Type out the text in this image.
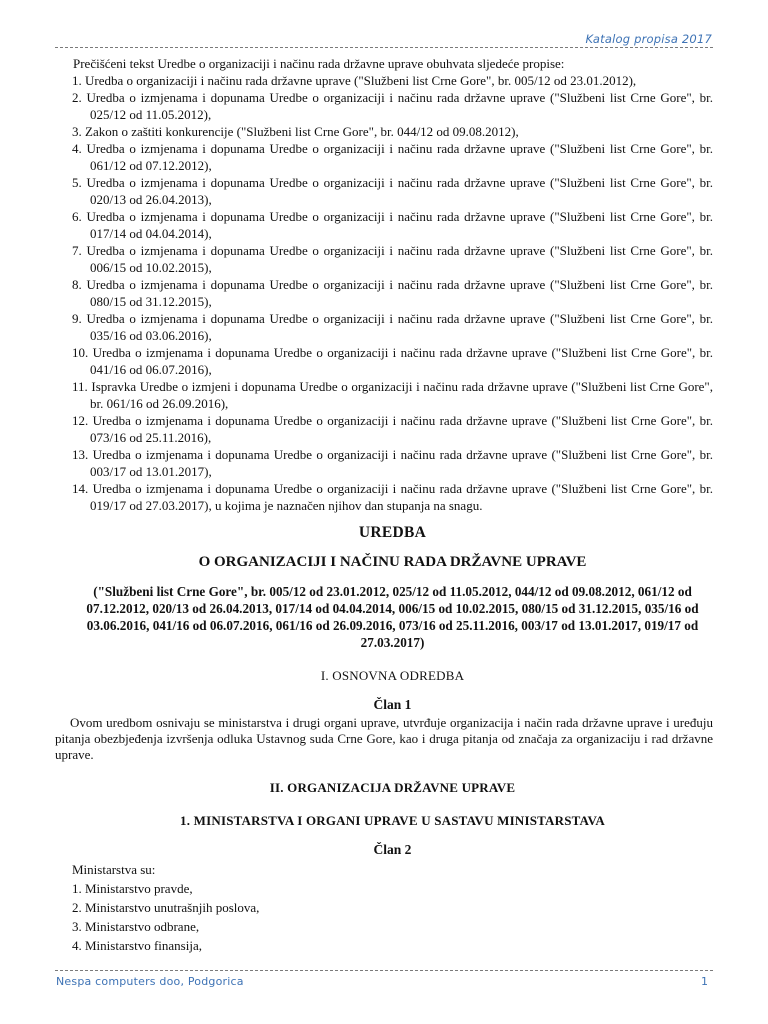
Katalog propisa 2017

Prečišćeni tekst Uredbe o organizaciji i načinu rada državne uprave obuhvata sljedeće propise:

1. Uredba o organizaciji i načinu rada državne uprave ("Službeni list Crne Gore", br. 005/12 od 23.01.2012),
2. Uredba o izmjenama i dopunama Uredbe o organizaciji i načinu rada državne uprave ("Službeni list Crne Gore", br. 025/12 od 11.05.2012),
3. Zakon o zaštiti konkurencije ("Službeni list Crne Gore", br. 044/12 od 09.08.2012),
4. Uredba o izmjenama i dopunama Uredbe o organizaciji i načinu rada državne uprave ("Službeni list Crne Gore", br. 061/12 od 07.12.2012),
5. Uredba o izmjenama i dopunama Uredbe o organizaciji i načinu rada državne uprave ("Službeni list Crne Gore", br. 020/13 od 26.04.2013),
6. Uredba o izmjenama i dopunama Uredbe o organizaciji i načinu rada državne uprave ("Službeni list Crne Gore", br. 017/14 od 04.04.2014),
7. Uredba o izmjenama i dopunama Uredbe o organizaciji i načinu rada državne uprave ("Službeni list Crne Gore", br. 006/15 od 10.02.2015),
8. Uredba o izmjenama i dopunama Uredbe o organizaciji i načinu rada državne uprave ("Službeni list Crne Gore", br. 080/15 od 31.12.2015),
9. Uredba o izmjenama i dopunama Uredbe o organizaciji i načinu rada državne uprave ("Službeni list Crne Gore", br. 035/16 od 03.06.2016),
10. Uredba o izmjenama i dopunama Uredbe o organizaciji i načinu rada državne uprave ("Službeni list Crne Gore", br. 041/16 od 06.07.2016),
11. Ispravka Uredbe o izmjeni i dopunama Uredbe o organizaciji i načinu rada državne uprave ("Službeni list Crne Gore", br. 061/16 od 26.09.2016),
12. Uredba o izmjenama i dopunama Uredbe o organizaciji i načinu rada državne uprave ("Službeni list Crne Gore", br. 073/16 od 25.11.2016),
13. Uredba o izmjenama i dopunama Uredbe o organizaciji i načinu rada državne uprave ("Službeni list Crne Gore", br. 003/17 od 13.01.2017),
14. Uredba o izmjenama i dopunama Uredbe o organizaciji i načinu rada državne uprave ("Službeni list Crne Gore", br. 019/17 od 27.03.2017), u kojima je naznačen njihov dan stupanja na snagu.
UREDBA
O ORGANIZACIJI I NAČINU RADA DRŽAVNE UPRAVE
("Službeni list Crne Gore", br. 005/12 od 23.01.2012, 025/12 od 11.05.2012, 044/12 od 09.08.2012, 061/12 od 07.12.2012, 020/13 od 26.04.2013, 017/14 od 04.04.2014, 006/15 od 10.02.2015, 080/15 od 31.12.2015, 035/16 od 03.06.2016, 041/16 od 06.07.2016, 061/16 od 26.09.2016, 073/16 od 25.11.2016, 003/17 od 13.01.2017, 019/17 od 27.03.2017)
I. OSNOVNA ODREDBA
Član 1

Ovom uredbom osnivaju se ministarstva i drugi organi uprave, utvrđuje organizacija i način rada državne uprave i uređuju pitanja obezbjeđenja izvršenja odluka Ustavnog suda Crne Gore, kao i druga pitanja od značaja za organizaciju i rad državne uprave.

II. ORGANIZACIJA DRŽAVNE UPRAVE
1. MINISTARSTVA I ORGANI UPRAVE U SASTAVU MINISTARSTAVA
Član 2
Ministarstva su:
1. Ministarstvo pravde,
2. Ministarstvo unutrašnjih poslova,
3. Ministarstvo odbrane,
4. Ministarstvo finansija,
Nespa computers doo, Podgorica	1
